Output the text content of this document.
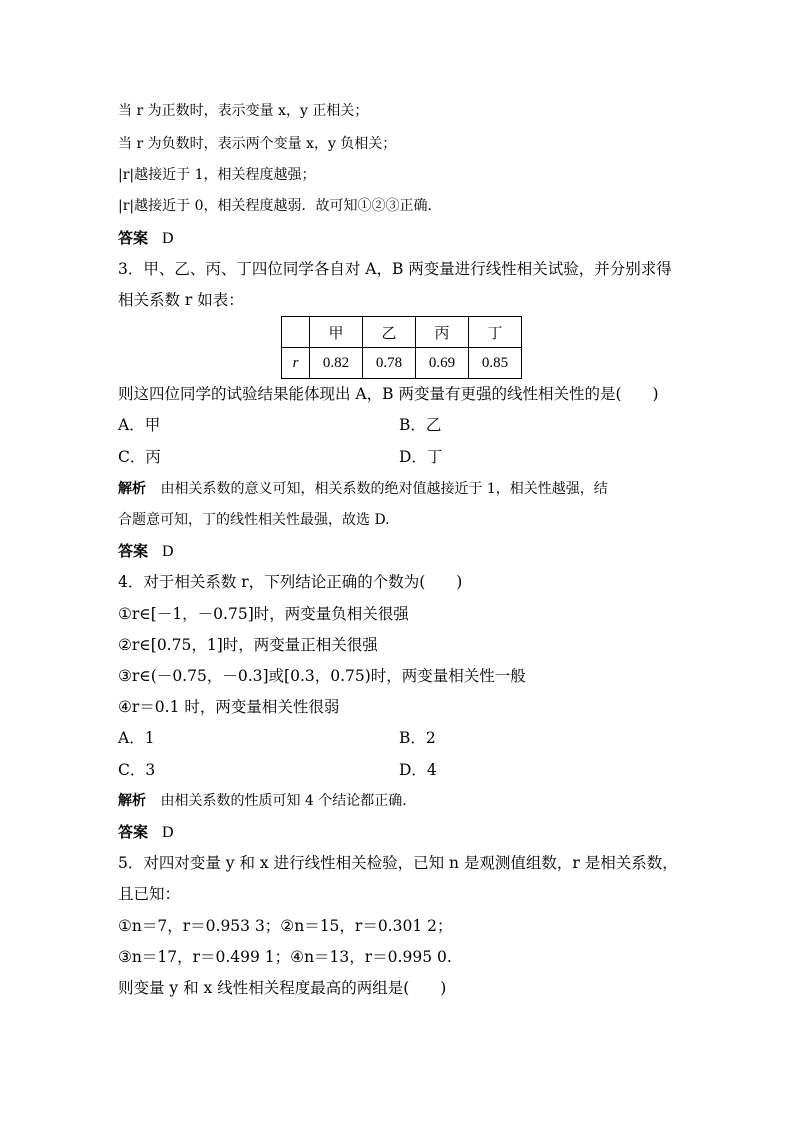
当 r 为正数时，表示变量 x，y 正相关；
当 r 为负数时，表示两个变量 x，y 负相关；
|r|越接近于 1，相关程度越强；
|r|越接近于 0，相关程度越弱．故可知①②③正确．
答案 D
3．甲、乙、丙、丁四位同学各自对 A，B 两变量进行线性相关试验，并分别求得
相关系数 r 如表：
	甲	乙	丙	丁
r	0.82	0.78	0.69	0.85
则这四位同学的试验结果能体现出 A，B 两变量有更强的线性相关性的是(　　)
A．甲	B．乙
C．丙	D．丁
解析 由相关系数的意义可知，相关系数的绝对值越接近于 1，相关性越强，结
合题意可知，丁的线性相关性最强，故选 D.
答案 D
4．对于相关系数 r，下列结论正确的个数为(　　)
①r∈[－1，－0.75]时，两变量负相关很强
②r∈[0.75，1]时，两变量正相关很强
③r∈(－0.75，－0.3]或[0.3，0.75)时，两变量相关性一般
④r＝0.1 时，两变量相关性很弱
A．1	B．2
C．3	D．4
解析 由相关系数的性质可知 4 个结论都正确．
答案 D
5．对四对变量 y 和 x 进行线性相关检验，已知 n 是观测值组数，r 是相关系数，
且已知：
①n＝7，r＝0.953 3；②n＝15，r＝0.301 2；
③n＝17，r＝0.499 1；④n＝13，r＝0.995 0.
则变量 y 和 x 线性相关程度最高的两组是(　　)
